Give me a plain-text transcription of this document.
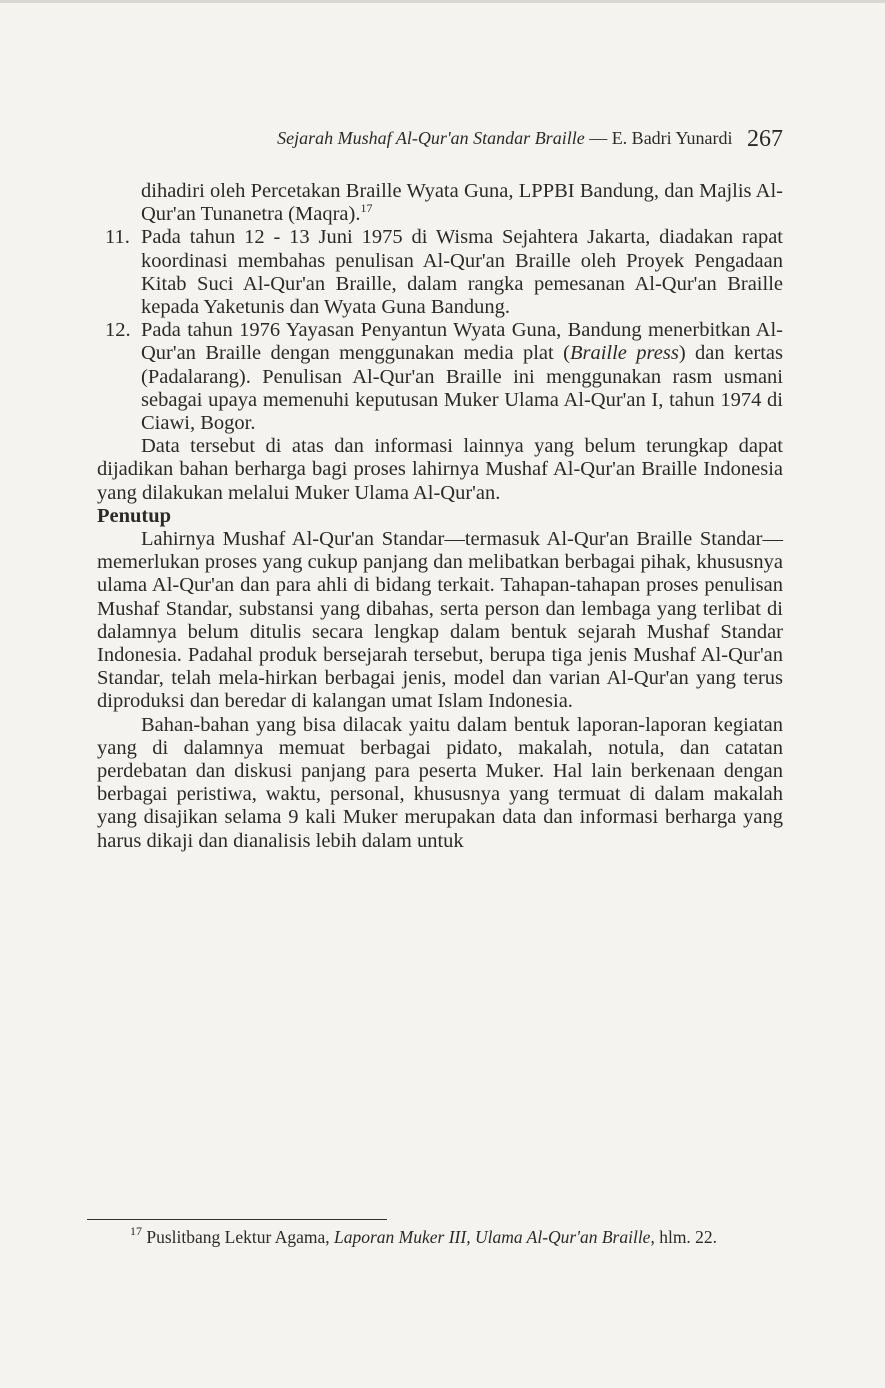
Sejarah Mushaf Al-Qur'an Standar Braille — E. Badri Yunardi 267

dihadiri oleh Percetakan Braille Wyata Guna, LPPBI Bandung, dan Majlis Al-Qur'an Tunanetra (Maqra).$^{17}$

11. Pada tahun 12 - 13 Juni 1975 di Wisma Sejahtera Jakarta, diadakan rapat koordinasi membahas penulisan Al-Qur'an Braille oleh Proyek Pengadaan Kitab Suci Al-Qur'an Braille, dalam rangka pemesanan Al-Qur'an Braille kepada Yaketunis dan Wyata Guna Bandung.
12. Pada tahun 1976 Yayasan Penyantun Wyata Guna, Bandung menerbitkan Al-Qur'an Braille dengan menggunakan media plat (Braille press) dan kertas (Padalarang). Penulisan Al-Qur'an Braille ini menggunakan rasm usmani sebagai upaya memenuhi keputusan Muker Ulama Al-Qur'an I, tahun 1974 di Ciawi, Bogor.

Data tersebut di atas dan informasi lainnya yang belum terungkap dapat dijadikan bahan berharga bagi proses lahirnya Mushaf Al-Qur'an Braille Indonesia yang dilakukan melalui Muker Ulama Al-Qur'an.

Penutup

Lahirnya Mushaf Al-Qur'an Standar—termasuk Al-Qur'an Braille Standar—memerlukan proses yang cukup panjang dan melibatkan berbagai pihak, khususnya ulama Al-Qur'an dan para ahli di bidang terkait. Tahapan-tahapan proses penulisan Mushaf Standar, substansi yang dibahas, serta person dan lembaga yang terlibat di dalamnya belum ditulis secara lengkap dalam bentuk sejarah Mushaf Standar Indonesia. Padahal produk bersejarah tersebut, berupa tiga jenis Mushaf Al-Qur'an Standar, telah mela-hirkan berbagai jenis, model dan varian Al-Qur'an yang terus diproduksi dan beredar di kalangan umat Islam Indonesia.

Bahan-bahan yang bisa dilacak yaitu dalam bentuk laporan-laporan kegiatan yang di dalamnya memuat berbagai pidato, makalah, notula, dan catatan perdebatan dan diskusi panjang para peserta Muker. Hal lain berkenaan dengan berbagai peristiwa, waktu, personal, khususnya yang termuat di dalam makalah yang disajikan selama 9 kali Muker merupakan data dan informasi berharga yang harus dikaji dan dianalisis lebih dalam untuk

$^{17}$ Puslitbang Lektur Agama, Laporan Muker III, Ulama Al-Qur'an Braille, hlm. 22.
